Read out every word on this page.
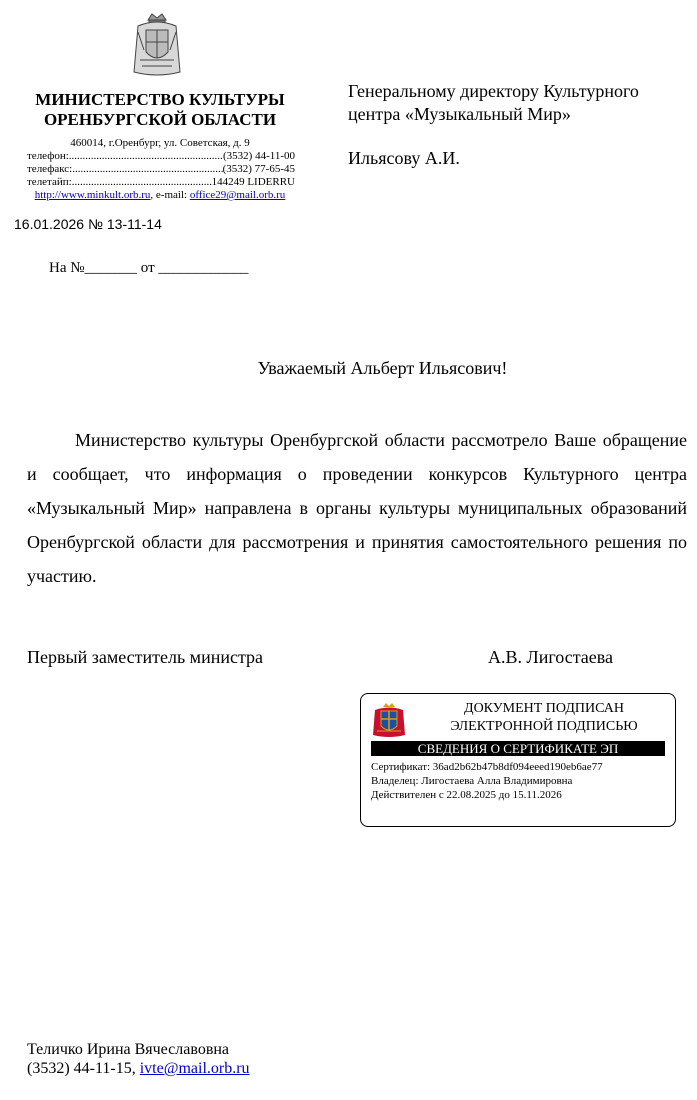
МИНИСТЕРСТВО КУЛЬТУРЫ
ОРЕНБУРГСКОЙ ОБЛАСТИ
460014, г.Оренбург, ул. Советская, д. 9
телефон: .....	(3532) 44-11-00
телефакс: .....	(3532) 77-65-45
телетайп: .....	144249 LIDERRU
http://www.minkult.orb.ru, e-mail: office29@mail.orb.ru
16.01.2026 № 13-11-14
На №_______ от ____________
Генеральному директору Культурного
центра «Музыкальный Мир»
Ильясову А.И.
Уважаемый Альберт Ильясович!
Министерство культуры Оренбургской области рассмотрело Ваше обращение и сообщает, что информация о проведении конкурсов Культурного центра «Музыкальный Мир» направлена в органы культуры муниципальных образований Оренбургской области для рассмотрения и принятия самостоятельного решения по участию.
Первый заместитель министра	А.В. Лигостаева
ДОКУМЕНТ ПОДПИСАН
ЭЛЕКТРОННОЙ ПОДПИСЬЮ
СВЕДЕНИЯ О СЕРТИФИКАТЕ ЭП
Сертификат: 36ad2b62b47b8df094eeed190eb6ae77
Владелец: Лигостаева Алла Владимировна
Действителен с 22.08.2025 до 15.11.2026
Теличко Ирина Вячеславовна
(3532) 44-11-15, ivte@mail.orb.ru
